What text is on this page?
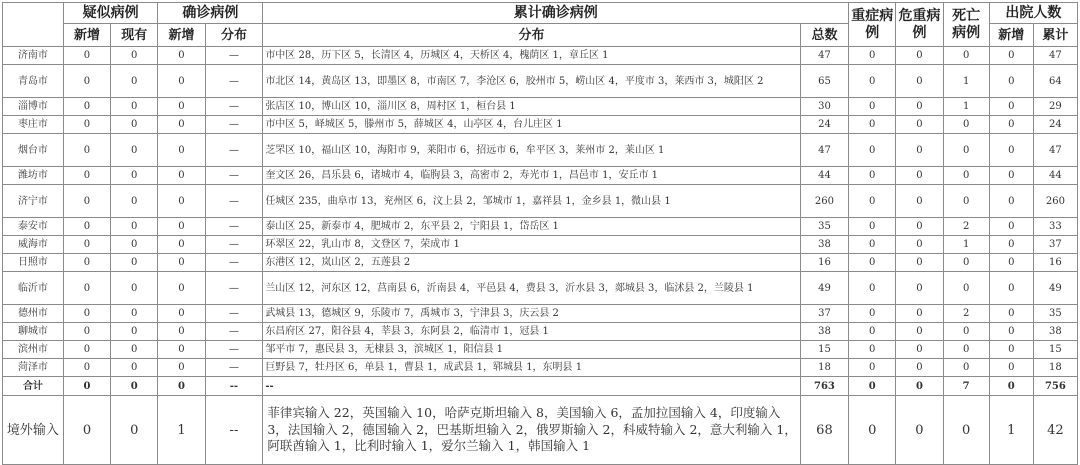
	疑似病例		确诊病例		累计确诊病例		重症病例	危重病例	死亡病例	出院人数	
	新增	现有	新增	分布	分布	总数				新增	累计
济南市	0	0	0	—	市中区 28，历下区 5，长清区 4，历城区 4，天桥区 4，槐荫区 1，章丘区 1	47	0	0	0	0	47
青岛市	0	0	0	—	市北区 14，黄岛区 13，即墨区 8，市南区 7，李沧区 6，胶州市 5，崂山区 4，平度市 3，莱西市 3，城阳区 2	65	0	0	1	0	64
淄博市	0	0	0	—	张店区 10，博山区 10，淄川区 8，周村区 1，桓台县 1	30	0	0	1	0	29
枣庄市	0	0	0	—	市中区 5，峄城区 5，滕州市 5，薛城区 4，山亭区 4，台儿庄区 1	24	0	0	0	0	24
烟台市	0	0	0	—	芝罘区 10，福山区 10，海阳市 9，莱阳市 6，招远市 6，牟平区 3，莱州市 2，莱山区 1	47	0	0	0	0	47
潍坊市	0	0	0	—	奎文区 26，昌乐县 6，诸城市 4，临朐县 3，高密市 2，寿光市 1，昌邑市 1，安丘市 1	44	0	0	0	0	44
济宁市	0	0	0	—	任城区 235，曲阜市 13，兖州区 6，汶上县 2，邹城市 1，嘉祥县 1，金乡县 1，微山县 1	260	0	0	0	0	260
泰安市	0	0	0	—	泰山区 25，新泰市 4，肥城市 2，东平县 2，宁阳县 1，岱岳区 1	35	0	0	2	0	33
威海市	0	0	0	—	环翠区 22，乳山市 8，文登区 7，荣成市 1	38	0	0	1	0	37
日照市	0	0	0	—	东港区 12，岚山区 2，五莲县 2	16	0	0	0	0	16
临沂市	0	0	0	—	兰山区 12，河东区 12，莒南县 6，沂南县 4，平邑县 4，费县 3，沂水县 3，郯城县 3，临沭县 2，兰陵县 1	49	0	0	0	0	49
德州市	0	0	0	—	武城县 13，德城区 9，乐陵市 7，禹城市 3，宁津县 3，庆云县 2	37	0	0	2	0	35
聊城市	0	0	0	—	东昌府区 27，阳谷县 4，莘县 3，东阿县 2，临清市 1，冠县 1	38	0	0	0	0	38
滨州市	0	0	0	—	邹平市 7，惠民县 3，无棣县 3，滨城区 1，阳信县 1	15	0	0	0	0	15
菏泽市	0	0	0	—	巨野县 7，牡丹区 6，单县 1，曹县 1，成武县 1，郓城县 1，东明县 1	18	0	0	0	0	18
合计	0	0	0	--	--	763	0	0	7	0	756
境外输入	0	0	1	--	菲律宾输入 22，英国输入 10，哈萨克斯坦输入 8，美国输入 6，孟加拉国输入 4，印度输入 3，法国输入 2，德国输入 2，巴基斯坦输入 2，俄罗斯输入 2，科威特输入 2，意大利输入 1，阿联酋输入 1，比利时输入 1，爱尔兰输入 1，韩国输入 1	68	0	0	0	1	42
